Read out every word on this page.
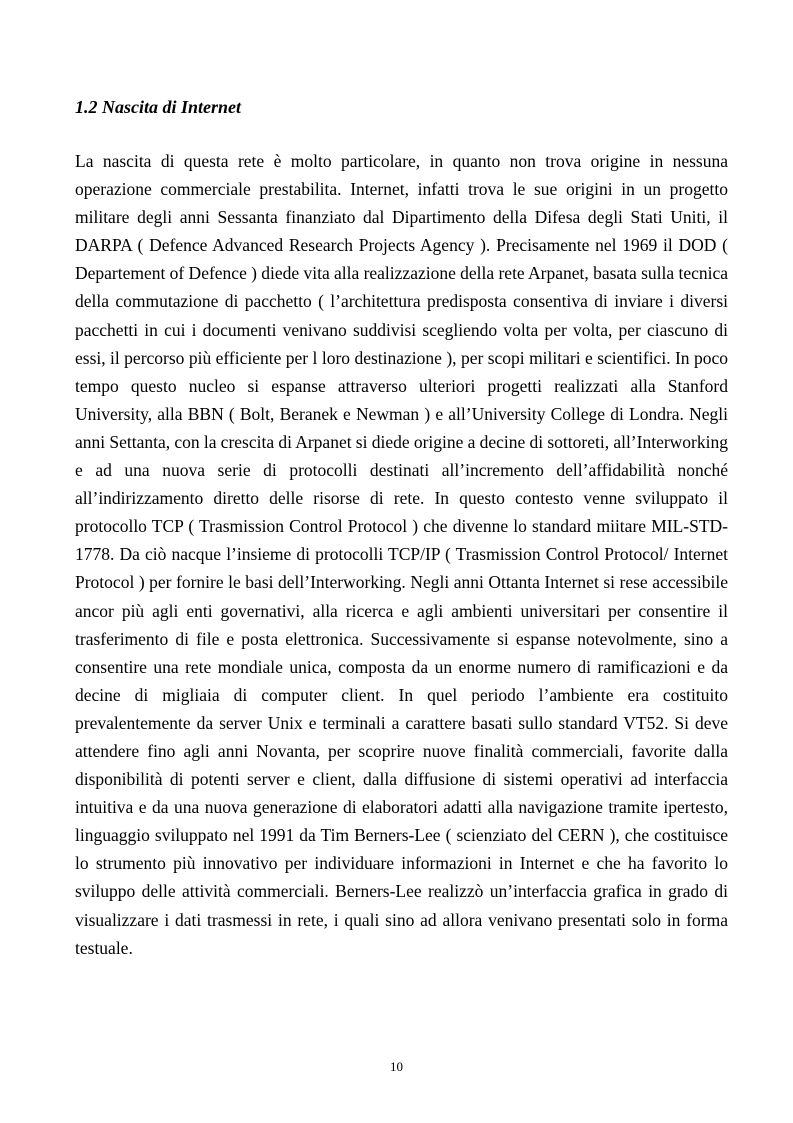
1.2 Nascita di Internet

La nascita di questa rete è molto particolare, in quanto non trova origine in nessuna operazione commerciale prestabilita. Internet, infatti trova le sue origini in un progetto militare degli anni Sessanta finanziato dal Dipartimento della Difesa degli Stati Uniti, il DARPA ( Defence Advanced Research Projects Agency ). Precisamente nel 1969 il DOD ( Departement of Defence ) diede vita alla realizzazione della rete Arpanet, basata sulla tecnica della commutazione di pacchetto ( l’architettura predisposta consentiva di inviare i diversi pacchetti in cui i documenti venivano suddivisi scegliendo volta per volta, per ciascuno di essi, il percorso più efficiente per l loro destinazione ), per scopi militari e scientifici. In poco tempo questo nucleo si espanse attraverso ulteriori progetti realizzati alla Stanford University, alla BBN ( Bolt, Beranek e Newman ) e all’University College di Londra. Negli anni Settanta, con la crescita di Arpanet si diede origine a decine di sottoreti, all’Interworking e ad una nuova serie di protocolli destinati all’incremento dell’affidabilità nonché all’indirizzamento diretto delle risorse di rete. In questo contesto venne sviluppato il protocollo TCP ( Trasmission Control Protocol ) che divenne lo standard miitare MIL-STD- 1778. Da ciò nacque l’insieme di protocolli TCP/IP ( Trasmission Control Protocol/ Internet Protocol ) per fornire le basi dell’Interworking. Negli anni Ottanta Internet si rese accessibile ancor più agli enti governativi, alla ricerca e agli ambienti universitari per consentire il trasferimento di file e posta elettronica. Successivamente si espanse notevolmente, sino a consentire una rete mondiale unica, composta da un enorme numero di ramificazioni e da decine di migliaia di computer client. In quel periodo l’ambiente era costituito prevalentemente da server Unix e terminali a carattere basati sullo standard VT52. Si deve attendere fino agli anni Novanta, per scoprire nuove finalità commerciali, favorite dalla disponibilità di potenti server e client, dalla diffusione di sistemi operativi ad interfaccia intuitiva e da una nuova generazione di elaboratori adatti alla navigazione tramite ipertesto, linguaggio sviluppato nel 1991 da Tim Berners-Lee ( scienziato del CERN ), che costituisce lo strumento più innovativo per individuare informazioni in Internet e che ha favorito lo sviluppo delle attività commerciali. Berners-Lee realizzò un’interfaccia grafica in grado di visualizzare i dati trasmessi in rete, i quali sino ad allora venivano presentati solo in forma testuale.

10
